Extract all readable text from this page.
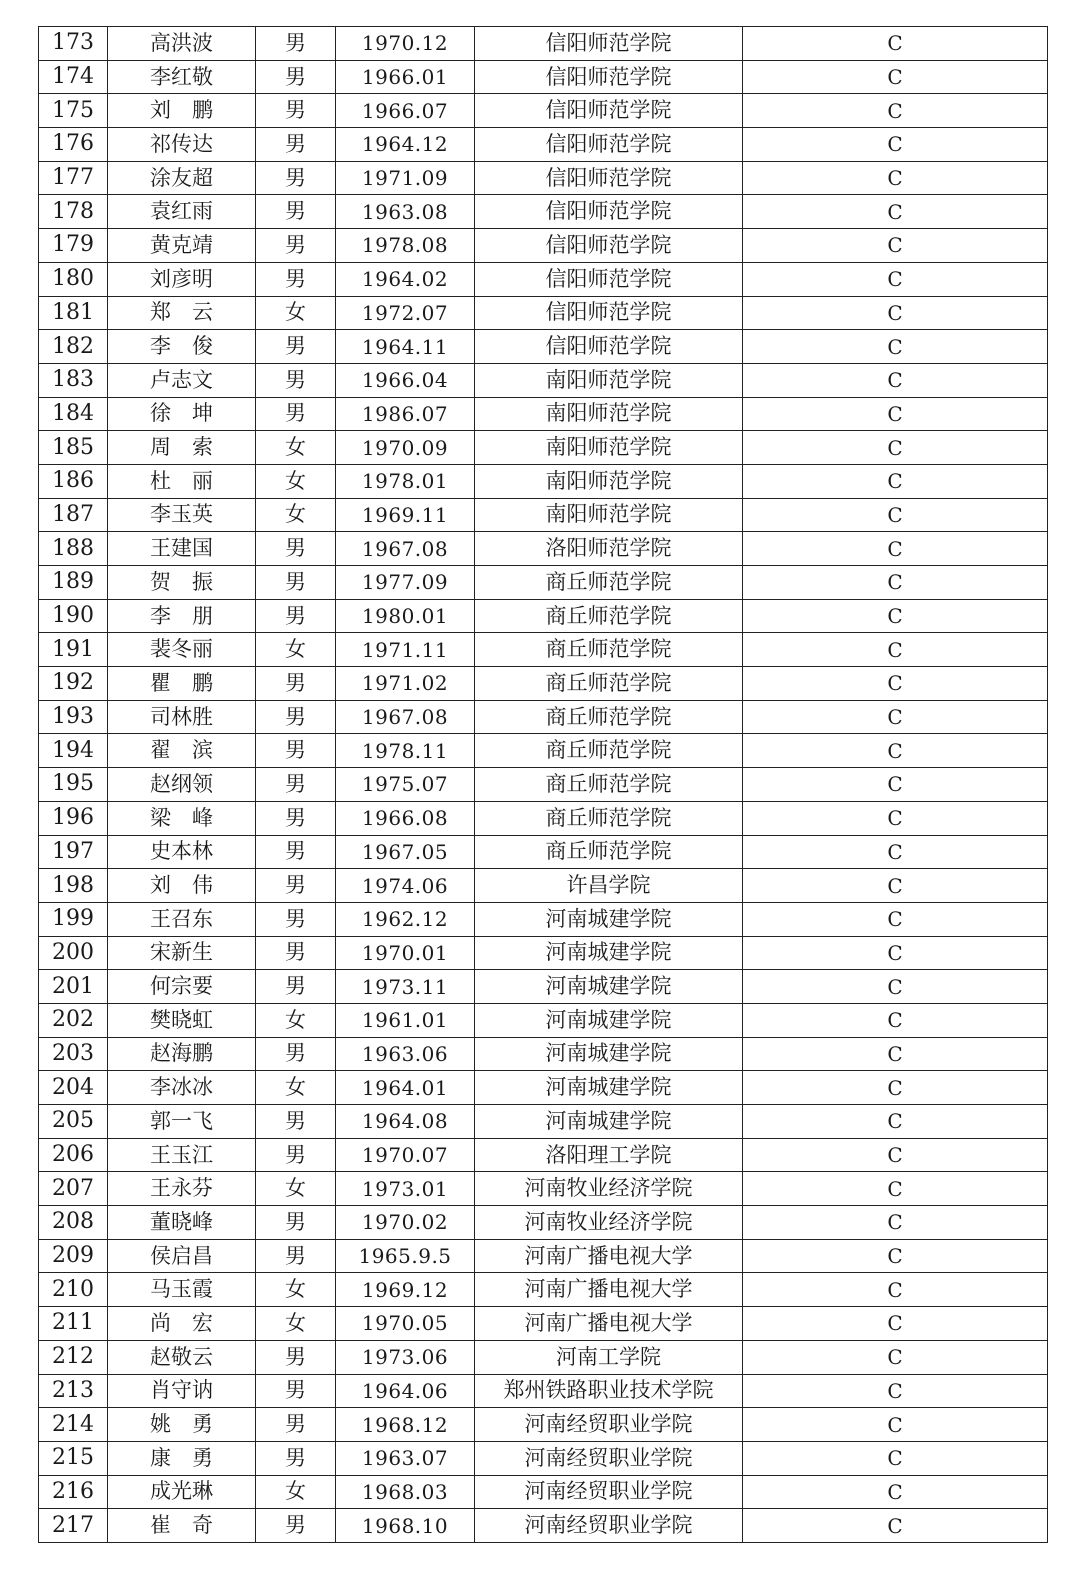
173	高洪波	男	1970.12	信阳师范学院	C
174	李红敬	男	1966.01	信阳师范学院	C
175	刘　鹏	男	1966.07	信阳师范学院	C
176	祁传达	男	1964.12	信阳师范学院	C
177	涂友超	男	1971.09	信阳师范学院	C
178	袁红雨	男	1963.08	信阳师范学院	C
179	黄克靖	男	1978.08	信阳师范学院	C
180	刘彦明	男	1964.02	信阳师范学院	C
181	郑　云	女	1972.07	信阳师范学院	C
182	李　俊	男	1964.11	信阳师范学院	C
183	卢志文	男	1966.04	南阳师范学院	C
184	徐　坤	男	1986.07	南阳师范学院	C
185	周　索	女	1970.09	南阳师范学院	C
186	杜　丽	女	1978.01	南阳师范学院	C
187	李玉英	女	1969.11	南阳师范学院	C
188	王建国	男	1967.08	洛阳师范学院	C
189	贺　振	男	1977.09	商丘师范学院	C
190	李　朋	男	1980.01	商丘师范学院	C
191	裴冬丽	女	1971.11	商丘师范学院	C
192	瞿　鹏	男	1971.02	商丘师范学院	C
193	司林胜	男	1967.08	商丘师范学院	C
194	翟　滨	男	1978.11	商丘师范学院	C
195	赵纲领	男	1975.07	商丘师范学院	C
196	梁　峰	男	1966.08	商丘师范学院	C
197	史本林	男	1967.05	商丘师范学院	C
198	刘　伟	男	1974.06	许昌学院	C
199	王召东	男	1962.12	河南城建学院	C
200	宋新生	男	1970.01	河南城建学院	C
201	何宗要	男	1973.11	河南城建学院	C
202	樊晓虹	女	1961.01	河南城建学院	C
203	赵海鹏	男	1963.06	河南城建学院	C
204	李冰冰	女	1964.01	河南城建学院	C
205	郭一飞	男	1964.08	河南城建学院	C
206	王玉江	男	1970.07	洛阳理工学院	C
207	王永芬	女	1973.01	河南牧业经济学院	C
208	董晓峰	男	1970.02	河南牧业经济学院	C
209	侯启昌	男	1965.9.5	河南广播电视大学	C
210	马玉霞	女	1969.12	河南广播电视大学	C
211	尚　宏	女	1970.05	河南广播电视大学	C
212	赵敬云	男	1973.06	河南工学院	C
213	肖守讷	男	1964.06	郑州铁路职业技术学院	C
214	姚　勇	男	1968.12	河南经贸职业学院	C
215	康　勇	男	1963.07	河南经贸职业学院	C
216	成光琳	女	1968.03	河南经贸职业学院	C
217	崔　奇	男	1968.10	河南经贸职业学院	C
